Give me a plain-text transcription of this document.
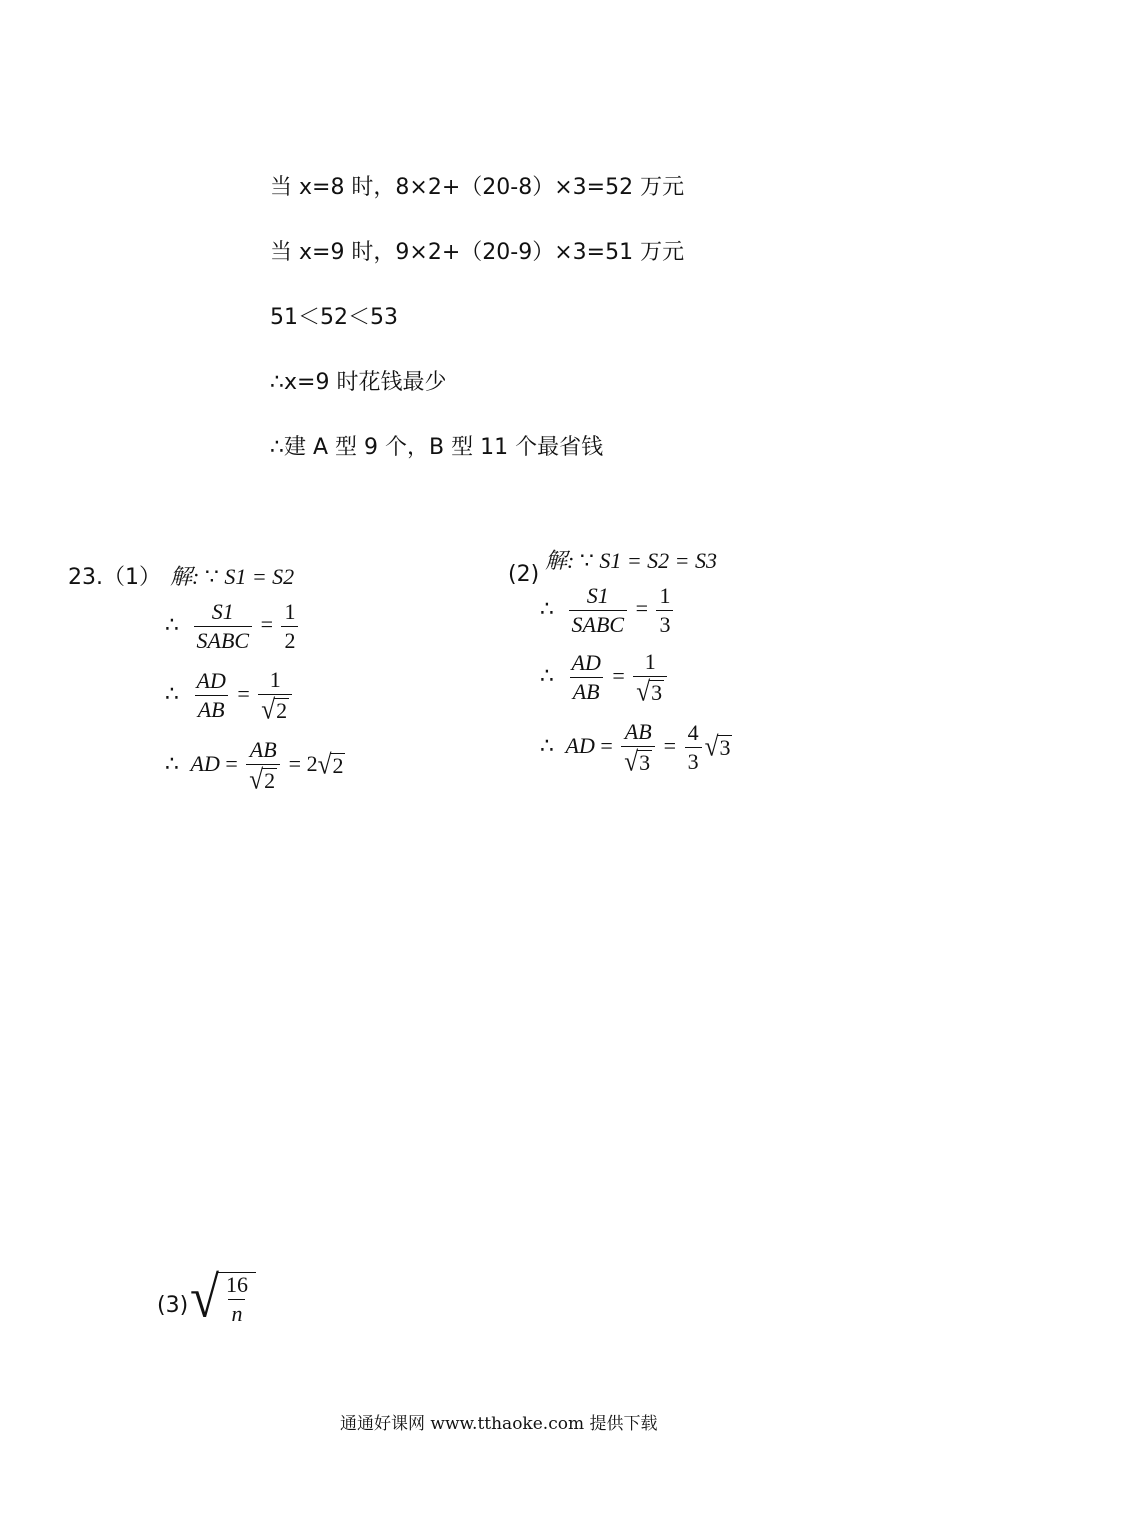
当 x=8 时，8×2+（20-8）×3=52 万元
当 x=9 时，9×2+（20-9）×3=51 万元
51＜52＜53
∴x=9 时花钱最少
∴建 A 型 9 个，B 型 11 个最省钱
23.（1） 解: ∵ S1 = S2
∴ $\frac{S1}{\text{SABC}} = \frac{1}{2}$
∴ $\frac{AD}{AB} = \frac{1}{√ 2}$
∴ AD = $\frac{AB}{√ 2} = 2$ √ 2
(2)
解: ∵ S1 = S2 = S3
∴ $\frac{S1}{\text{SABC}} = \frac{1}{3}$
∴ $\frac{AD}{AB} = \frac{1}{√ 3}$
∴ AD = $\frac{AB}{√ 3} = \frac{4}{3}$ √ 3
(3) √ $\frac{16}{n}$
通通好课网 www.tthaoke.com 提供下载
